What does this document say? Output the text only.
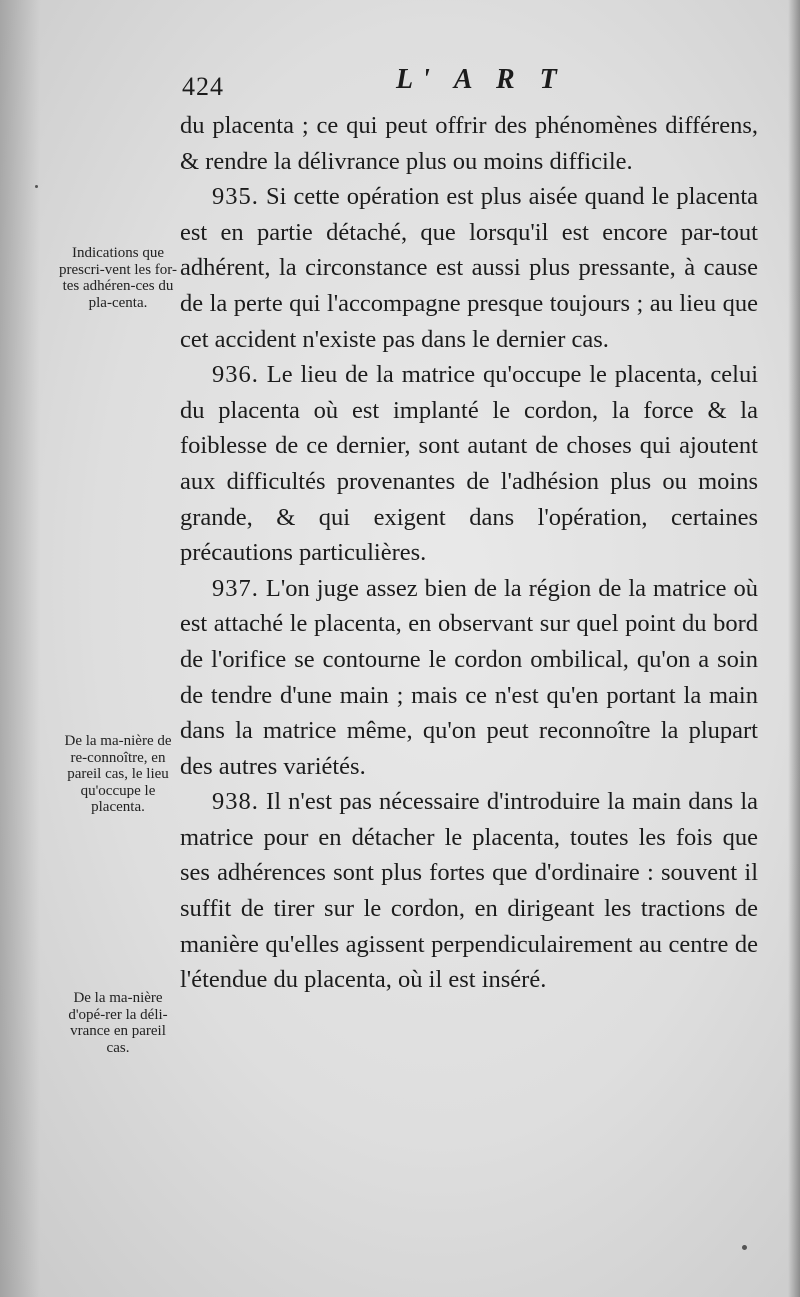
424	L' A R T
Indications que prescri-vent les for-tes adhéren-ces du pla-centa.
De la ma-nière de re-connoître, en pareil cas, le lieu qu'occupe le placenta.
De la ma-nière d'opé-rer la déli-vrance en pareil cas.

du placenta ; ce qui peut offrir des phénomènes différens, & rendre la délivrance plus ou moins difficile.

935. Si cette opération est plus aisée quand le placenta est en partie détaché, que lorsqu'il est encore par-tout adhérent, la circonstance est aussi plus pressante, à cause de la perte qui l'accompagne presque toujours ; au lieu que cet accident n'existe pas dans le dernier cas.

936. Le lieu de la matrice qu'occupe le placenta, celui du placenta où est implanté le cordon, la force & la foiblesse de ce dernier, sont autant de choses qui ajoutent aux difficultés provenantes de l'adhésion plus ou moins grande, & qui exigent dans l'opération, certaines précautions particulières.

937. L'on juge assez bien de la région de la matrice où est attaché le placenta, en observant sur quel point du bord de l'orifice se contourne le cordon ombilical, qu'on a soin de tendre d'une main ; mais ce n'est qu'en portant la main dans la matrice même, qu'on peut reconnoître la plupart des autres variétés.

938. Il n'est pas nécessaire d'introduire la main dans la matrice pour en détacher le placenta, toutes les fois que ses adhérences sont plus fortes que d'ordinaire : souvent il suffit de tirer sur le cordon, en dirigeant les tractions de manière qu'elles agissent perpendiculairement au centre de l'étendue du placenta, où il est inséré.
